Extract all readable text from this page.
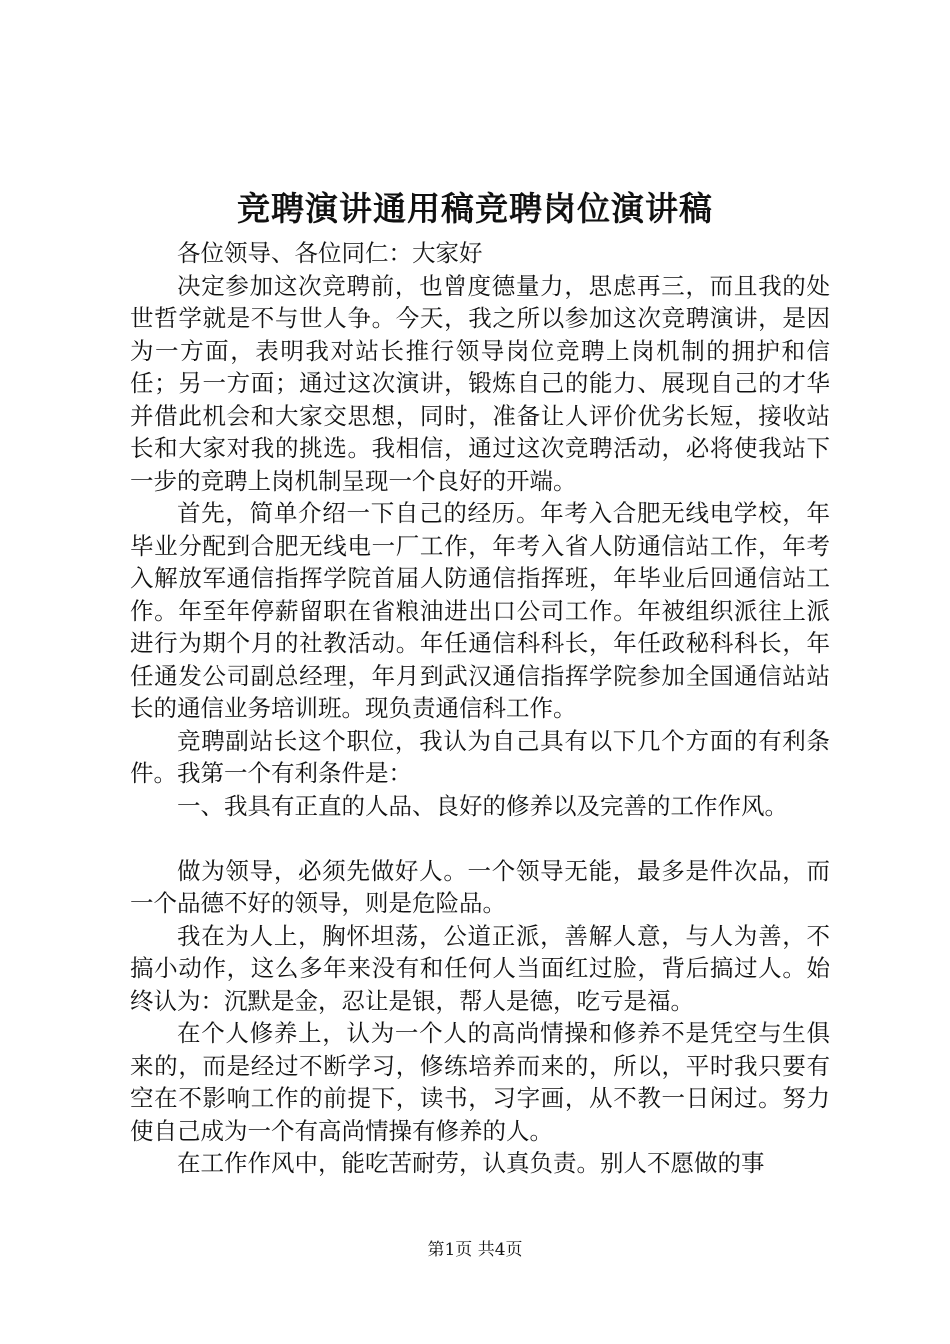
竞聘演讲通用稿竞聘岗位演讲稿

各位领导、各位同仁：大家好

决定参加这次竞聘前，也曾度德量力，思虑再三，而且我的处世哲学就是不与世人争。今天，我之所以参加这次竞聘演讲，是因为一方面，表明我对站长推行领导岗位竞聘上岗机制的拥护和信任；另一方面；通过这次演讲，锻炼自己的能力、展现自己的才华并借此机会和大家交思想，同时，准备让人评价优劣长短，接收站长和大家对我的挑选。我相信，通过这次竞聘活动，必将使我站下一步的竞聘上岗机制呈现一个良好的开端。

首先，简单介绍一下自己的经历。年考入合肥无线电学校，年毕业分配到合肥无线电一厂工作，年考入省人防通信站工作，年考入解放军通信指挥学院首届人防通信指挥班，年毕业后回通信站工作。年至年停薪留职在省粮油进出口公司工作。年被组织派往上派进行为期个月的社教活动。年任通信科科长，年任政秘科科长，年任通发公司副总经理，年月到武汉通信指挥学院参加全国通信站站长的通信业务培训班。现负责通信科工作。

竞聘副站长这个职位，我认为自己具有以下几个方面的有利条件。我第一个有利条件是：

一、我具有正直的人品、良好的修养以及完善的工作作风。

做为领导，必须先做好人。一个领导无能，最多是件次品，而一个品德不好的领导，则是危险品。

我在为人上，胸怀坦荡，公道正派，善解人意，与人为善，不搞小动作，这么多年来没有和任何人当面红过脸，背后搞过人。始终认为：沉默是金，忍让是银，帮人是德，吃亏是福。

在个人修养上，认为一个人的高尚情操和修养不是凭空与生俱来的，而是经过不断学习，修练培养而来的，所以，平时我只要有空在不影响工作的前提下，读书，习字画，从不教一日闲过。努力使自己成为一个有高尚情操有修养的人。

在工作作风中，能吃苦耐劳，认真负责。别人不愿做的事

第1页 共4页
